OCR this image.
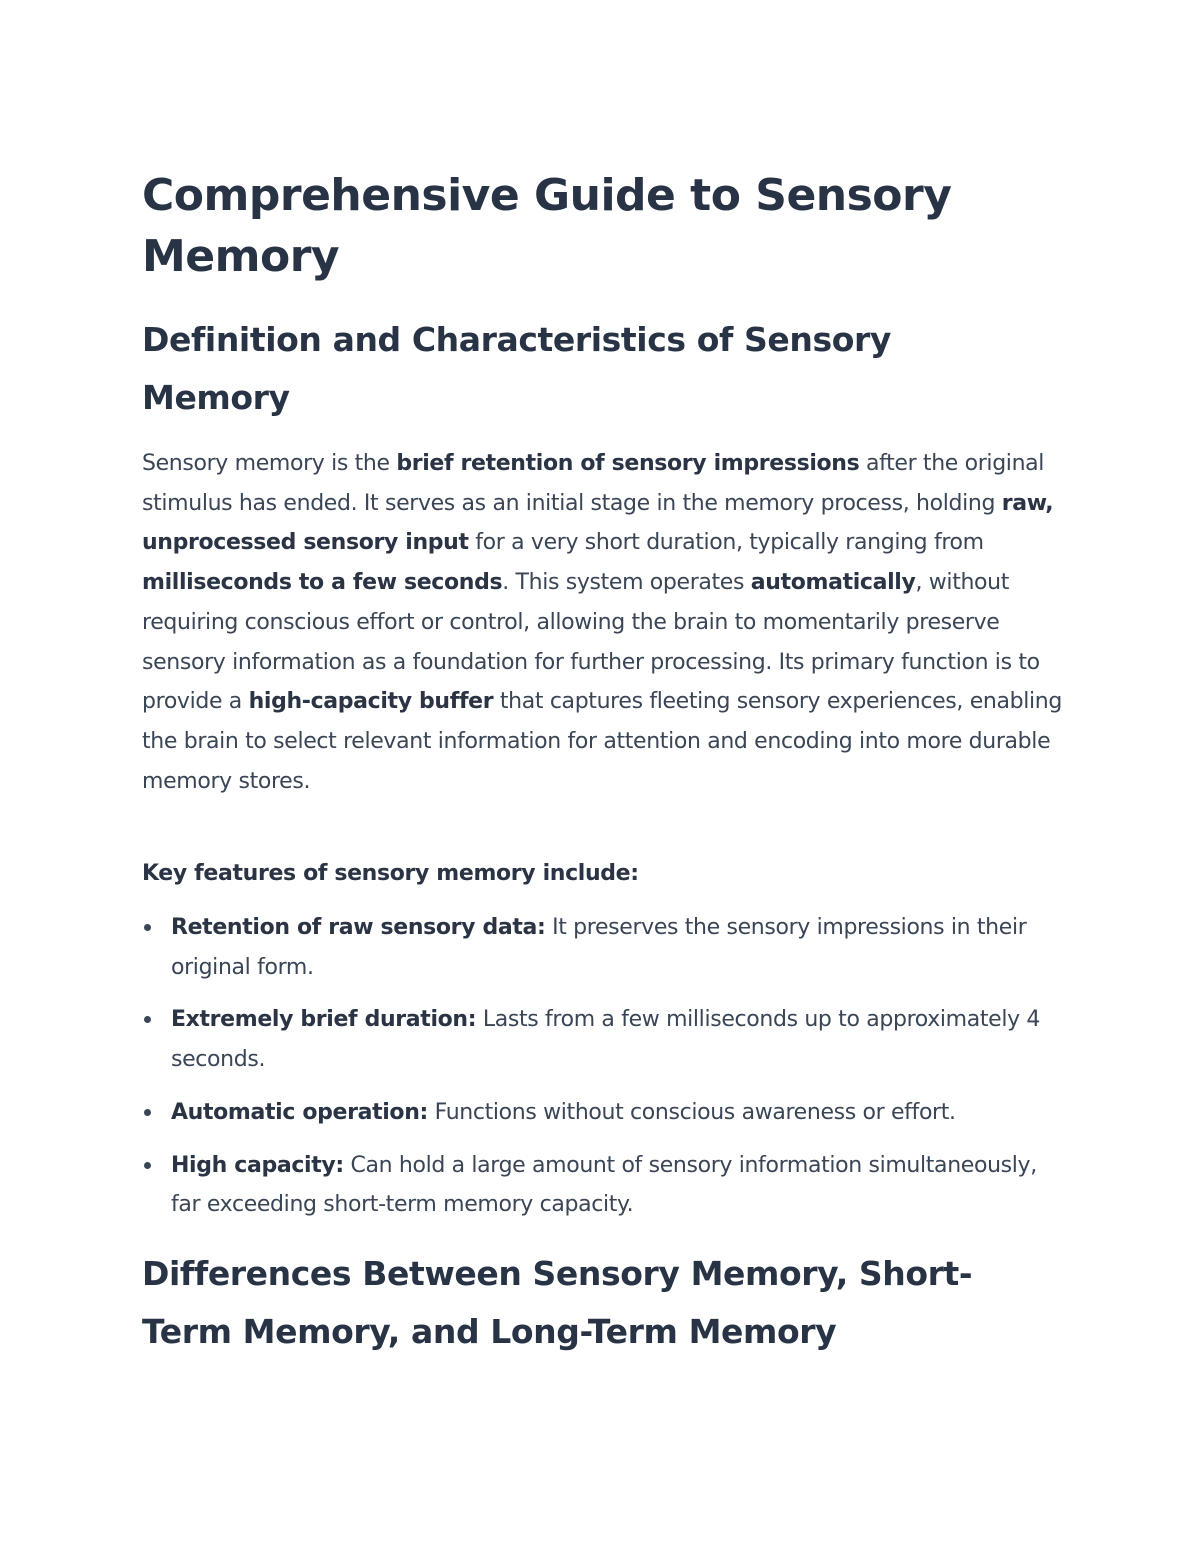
Comprehensive Guide to Sensory Memory
Definition and Characteristics of Sensory Memory

Sensory memory is the brief retention of sensory impressions after the original stimulus has ended. It serves as an initial stage in the memory process, holding raw, unprocessed sensory input for a very short duration, typically ranging from milliseconds to a few seconds. This system operates automatically, without requiring conscious effort or control, allowing the brain to momentarily preserve sensory information as a foundation for further processing. Its primary function is to provide a high-capacity buffer that captures fleeting sensory experiences, enabling the brain to select relevant information for attention and encoding into more durable memory stores.

Key features of sensory memory include:

Retention of raw sensory data: It preserves the sensory impressions in their original form.
Extremely brief duration: Lasts from a few milliseconds up to approximately 4 seconds.
Automatic operation: Functions without conscious awareness or effort.
High capacity: Can hold a large amount of sensory information simultaneously, far exceeding short-term memory capacity.
Differences Between Sensory Memory, Short-Term Memory, and Long-Term Memory
